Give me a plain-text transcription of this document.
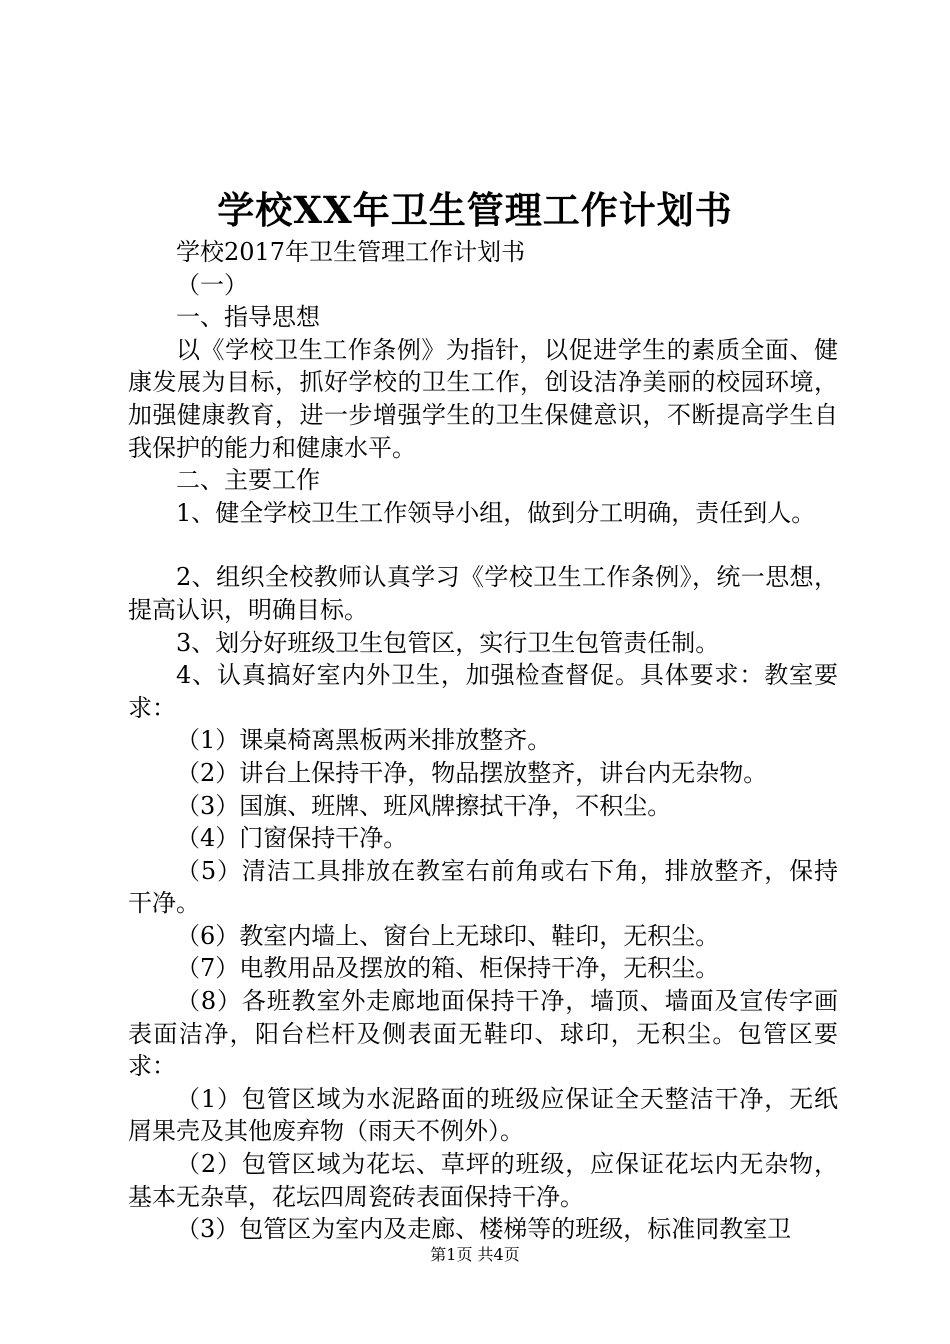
学校XX年卫生管理工作计划书

学校2017年卫生管理工作计划书

（一）

一、指导思想

以《学校卫生工作条例》为指针，以促进学生的素质全面、健康发展为目标，抓好学校的卫生工作，创设洁净美丽的校园环境，加强健康教育，进一步增强学生的卫生保健意识，不断提高学生自我保护的能力和健康水平。

二、主要工作

1、健全学校卫生工作领导小组，做到分工明确，责任到人。

2、组织全校教师认真学习《学校卫生工作条例》，统一思想，提高认识，明确目标。

3、划分好班级卫生包管区，实行卫生包管责任制。

4、认真搞好室内外卫生，加强检查督促。具体要求：教室要求：

（1）课桌椅离黑板两米排放整齐。

（2）讲台上保持干净，物品摆放整齐，讲台内无杂物。

（3）国旗、班牌、班风牌擦拭干净，不积尘。

（4）门窗保持干净。

（5）清洁工具排放在教室右前角或右下角，排放整齐，保持干净。

（6）教室内墙上、窗台上无球印、鞋印，无积尘。

（7）电教用品及摆放的箱、柜保持干净，无积尘。

（8）各班教室外走廊地面保持干净，墙顶、墙面及宣传字画表面洁净，阳台栏杆及侧表面无鞋印、球印，无积尘。包管区要求：

（1）包管区域为水泥路面的班级应保证全天整洁干净，无纸屑果壳及其他废弃物（雨天不例外）。

（2）包管区域为花坛、草坪的班级，应保证花坛内无杂物，基本无杂草，花坛四周瓷砖表面保持干净。

（3）包管区为室内及走廊、楼梯等的班级，标准同教室卫

第1页 共4页
